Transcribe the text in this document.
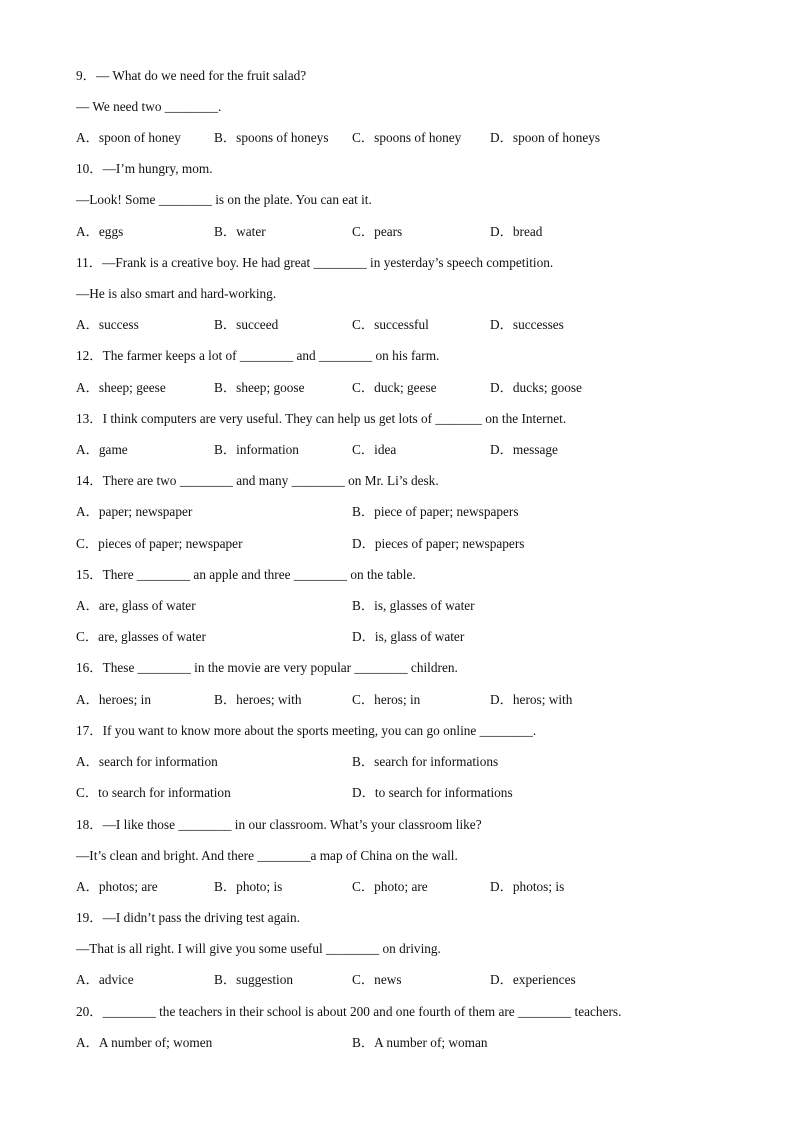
9．— What do we need for the fruit salad?
— We need two ________.
A．spoon of honey B．spoons of honeys C．spoons of honey D．spoon of honeys
10．—I’m hungry, mom.
—Look! Some ________ is on the plate. You can eat it.
A．eggs	B．water	C．pears	D．bread
11．—Frank is a creative boy. He had great ________ in yesterday’s speech competition.
—He is also smart and hard-working.
A．success	B．succeed	C．successful	D．successes
12．The farmer keeps a lot of ________ and ________ on his farm.
A．sheep; geese	B．sheep; goose	C．duck; geese	D．ducks; goose
13．I think computers are very useful. They can help us get lots of _______ on the Internet.
A．game	B．information	C．idea	D．message
14．There are two ________ and many ________ on Mr. Li’s desk.
A．paper; newspaper	B．piece of paper; newspapers
C．pieces of paper; newspaper	D．pieces of paper; newspapers
15．There ________ an apple and three ________ on the table.
A．are, glass of water	B．is, glasses of water
C．are, glasses of water	D．is, glass of water
16．These ________ in the movie are very popular ________ children.
A．heroes; in	B．heroes; with	C．heros; in	D．heros; with
17．If you want to know more about the sports meeting, you can go online ________.
A．search for information	B．search for informations
C．to search for information	D．to search for informations
18．—I like those ________ in our classroom. What’s your classroom like?
—It’s clean and bright. And there ________a map of China on the wall.
A．photos; are	B．photo; is	C．photo; are	D．photos; is
19．—I didn’t pass the driving test again.
—That is all right. I will give you some useful ________ on driving.
A．advice	B．suggestion	C．news	D．experiences
20．________ the teachers in their school is about 200 and one fourth of them are ________ teachers.
A．A number of; women	B．A number of; woman
